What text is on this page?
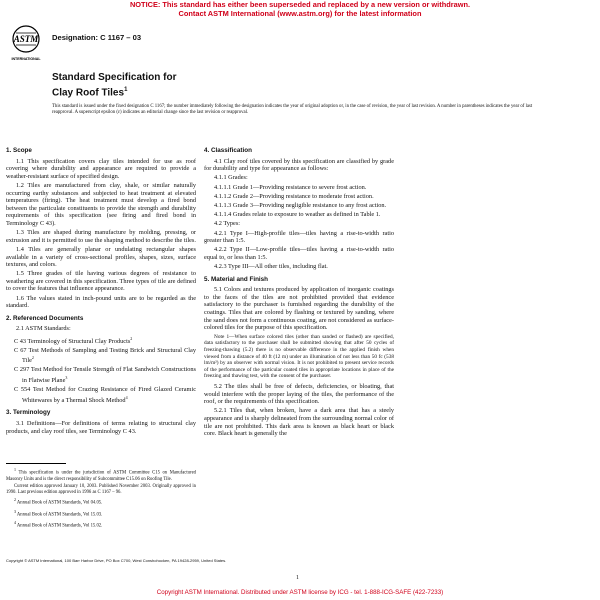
NOTICE: This standard has either been superseded and replaced by a new version or withdrawn.
Contact ASTM International (www.astm.org) for the latest information
ASTM
INTERNATIONAL
Designation: C 1167 – 03
Standard Specification for
Clay Roof Tiles$^1$
This standard is issued under the fixed designation C 1167; the number immediately following the designation indicates the year of original adoption or, in the case of revision, the year of last revision. A number in parentheses indicates the year of last reapproval. A superscript epsilon (ε) indicates an editorial change since the last revision or reapproval.
1. Scope

1.1 This specification covers clay tiles intended for use as roof covering where durability and appearance are required to provide a weather-resistant surface of specified design.

1.2 Tiles are manufactured from clay, shale, or similar naturally occurring earthy substances and subjected to heat treatment at elevated temperatures (firing). The heat treatment must develop a fired bond between the particulate constituents to provide the strength and durability requirements of this specification (see firing and fired bond in Terminology C 43).

1.3 Tiles are shaped during manufacture by molding, pressing, or extrusion and it is permitted to use the shaping method to describe the tiles.

1.4 Tiles are generally planar or undulating rectangular shapes available in a variety of cross-sectional profiles, shapes, sizes, surface textures, and colors.

1.5 Three grades of tile having various degrees of resistance to weathering are covered in this specification. Three types of tile are defined to cover the features that influence appearance.

1.6 The values stated in inch-pound units are to be regarded as the standard.

2. Referenced Documents

2.1 ASTM Standards:

C 43 Terminology of Structural Clay Products$^2$

C 67 Test Methods of Sampling and Testing Brick and Structural Clay Tile$^2$

C 297 Test Method for Tensile Strength of Flat Sandwich Constructions in Flatwise Plane$^3$

C 554 Test Method for Crazing Resistance of Fired Glazed Ceramic Whitewares by a Thermal Shock Method$^4$

3. Terminology

3.1 Definitions—For definitions of terms relating to structural clay products, and clay roof tiles, see Terminology C 43.

$^1$ This specification is under the jurisdiction of ASTM Committee C15 on Manufactured Masonry Units and is the direct responsibility of Subcommittee C15.06 on Roofing Tile.

Current edition approved January 10, 2003. Published November 2003. Originally approved in 1990. Last previous edition approved in 1996 as C 1167 – 96.

$^2$ Annual Book of ASTM Standards, Vol 04.05.

$^3$ Annual Book of ASTM Standards, Vol 15.03.

$^4$ Annual Book of ASTM Standards, Vol 15.02.

4. Classification

4.1 Clay roof tiles covered by this specification are classified by grade for durability and type for appearance as follows:

4.1.1 Grades:

4.1.1.1 Grade 1—Providing resistance to severe frost action.

4.1.1.2 Grade 2—Providing resistance to moderate frost action.

4.1.1.3 Grade 3—Providing negligible resistance to any frost action.

4.1.1.4 Grades relate to exposure to weather as defined in Table 1.

4.2 Types:

4.2.1 Type I—High-profile tiles—tiles having a rise-to-width ratio greater than 1:5.

4.2.2 Type II—Low-profile tiles—tiles having a rise-to-width ratio equal to, or less than 1:5.

4.2.3 Type III—All other tiles, including flat.

5. Material and Finish

5.1 Colors and textures produced by application of inorganic coatings to the faces of the tiles are not prohibited provided that evidence satisfactory to the purchaser is furnished regarding the durability of the coatings. Tiles that are colored by flashing or textured by sanding, where the sand does not form a continuous coating, are not considered as surface-colored tiles for the purpose of this specification.

Note 1—When surface colored tiles (other than sanded or flashed) are specified, data satisfactory to the purchaser shall be submitted showing that after 50 cycles of freezing-thawing (5.2) there is no observable difference in the applied finish when viewed from a distance of 40 ft (12 m) under an illumination of not less than 50 fc (538 lm/m²) by an observer with normal vision. It is not prohibited to present service records of the performance of the particular coated tiles in appropriate locations in place of the freezing and thawing test, with the consent of the purchaser.

5.2 The tiles shall be free of defects, deficiencies, or bloating, that would interfere with the proper laying of the tiles, the performance of the roof, or the requirements of this specification.

5.2.1 Tiles that, when broken, have a dark area that has a steely appearance and is sharply delineated from the surrounding normal color of tile are not prohibited. This dark area is known as black heart or black core. Black heart is generally the

Copyright © ASTM International, 100 Barr Harbor Drive, PO Box C700, West Conshohocken, PA 19428-2959, United States.
1
Copyright ASTM International. Distributed under ASTM license by ICG - tel. 1-888-ICG-SAFE (422-7233)
